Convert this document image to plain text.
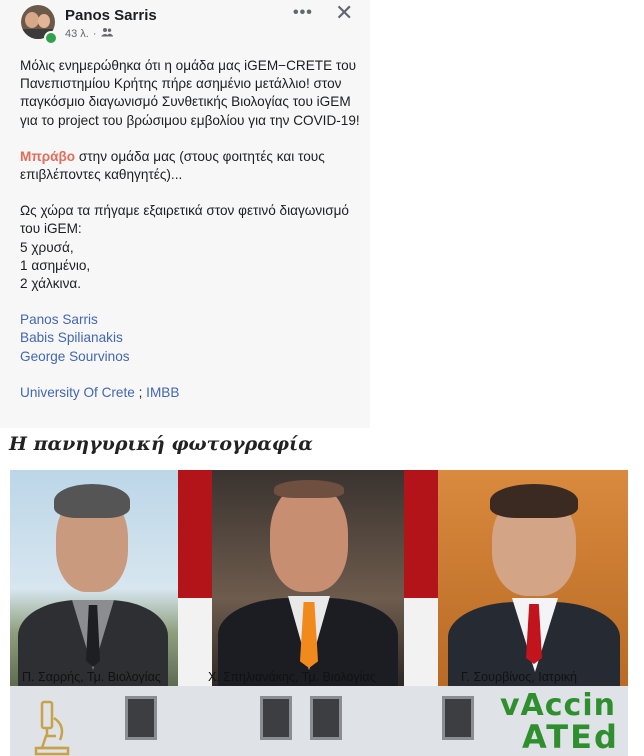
Panos Sarris
43 λ. ·
••• ✕

Μόλις ενημερώθηκα ότι η ομάδα μας iGEM−CRETE του Πανεπιστημίου Κρήτης πήρε ασημένιο μετάλλιο! στον παγκόσμιο διαγωνισμό Συνθετικής Βιολογίας του iGEM για το project του βρώσιμου εμβολίου για την COVID-19!

Μπράβο στην ομάδα μας (στους φοιτητές και τους επιβλέποντες καθηγητές)...

Ως χώρα τα πήγαμε εξαιρετικά στον φετινό διαγωνισμό του iGEM:

5 χρυσά,

1 ασημένιο,

2 χάλκινα.

Panos Sarris

Babis Spilianakis

George Sourvinos

University Of Crete ; IMBB

Η πανηγυρική φωτογραφία
Π. Σαρρής, Τμ. Βιολογίας	Χ. Σπηλιανάκης, Τμ. Βιολογίας	Γ. Σουρβίνος, Ιατρική
vAccin
ATEd
